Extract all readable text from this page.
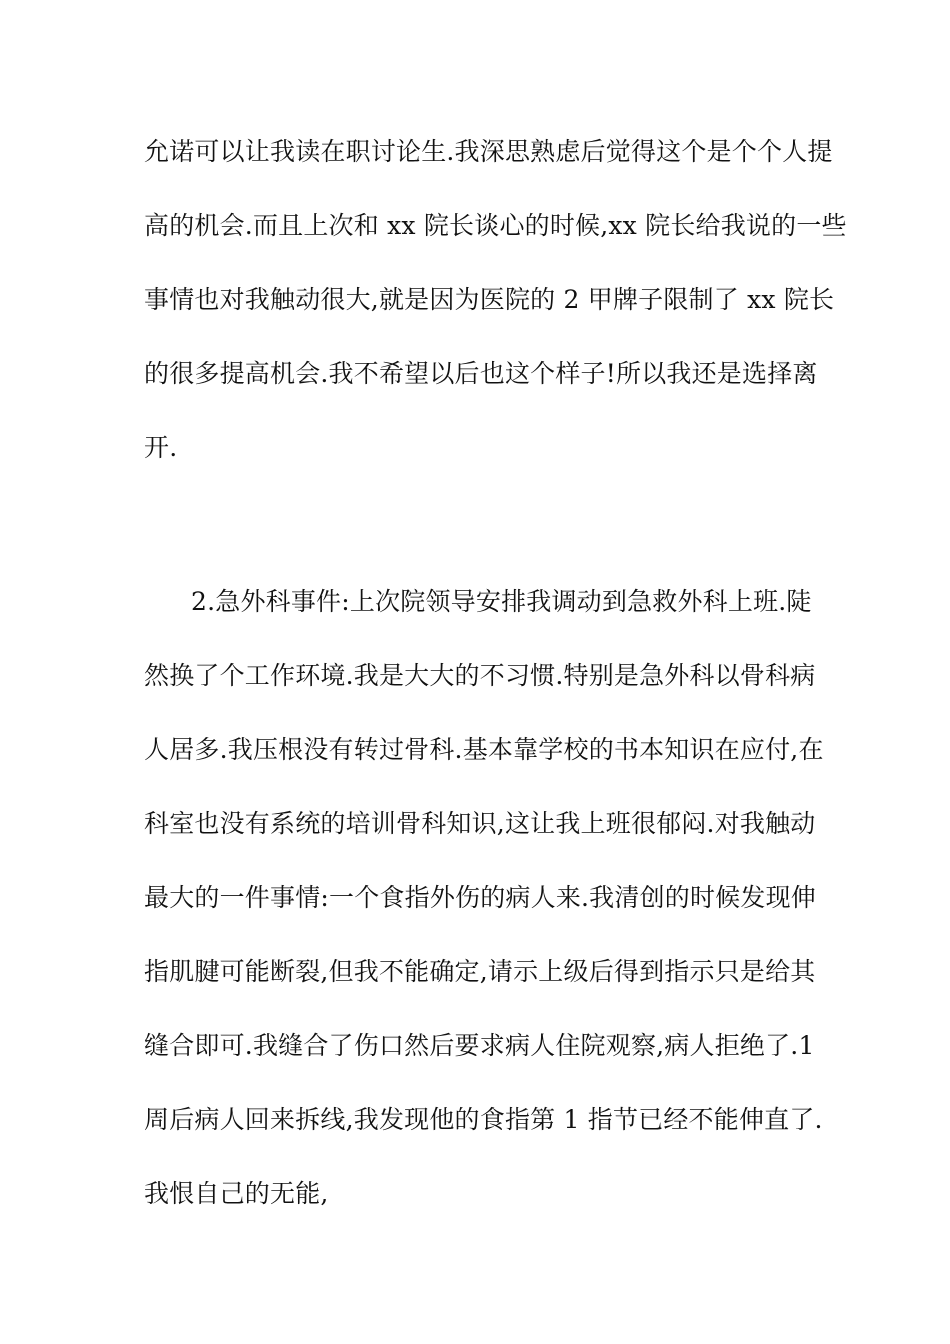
允诺可以让我读在职讨论生.我深思熟虑后觉得这个是个个人提
高的机会.而且上次和 xx 院长谈心的时候,xx 院长给我说的一些
事情也对我触动很大,就是因为医院的 2 甲牌子限制了 xx 院长
的很多提高机会.我不希望以后也这个样子!所以我还是选择离
开.
2.急外科事件:上次院领导安排我调动到急救外科上班.陡
然换了个工作环境.我是大大的不习惯.特别是急外科以骨科病
人居多.我压根没有转过骨科.基本靠学校的书本知识在应付,在
科室也没有系统的培训骨科知识,这让我上班很郁闷.对我触动
最大的一件事情:一个食指外伤的病人来.我清创的时候发现伸
指肌腱可能断裂,但我不能确定,请示上级后得到指示只是给其
缝合即可.我缝合了伤口然后要求病人住院观察,病人拒绝了.1
周后病人回来拆线,我发现他的食指第 1 指节已经不能伸直了.
我恨自己的无能,
